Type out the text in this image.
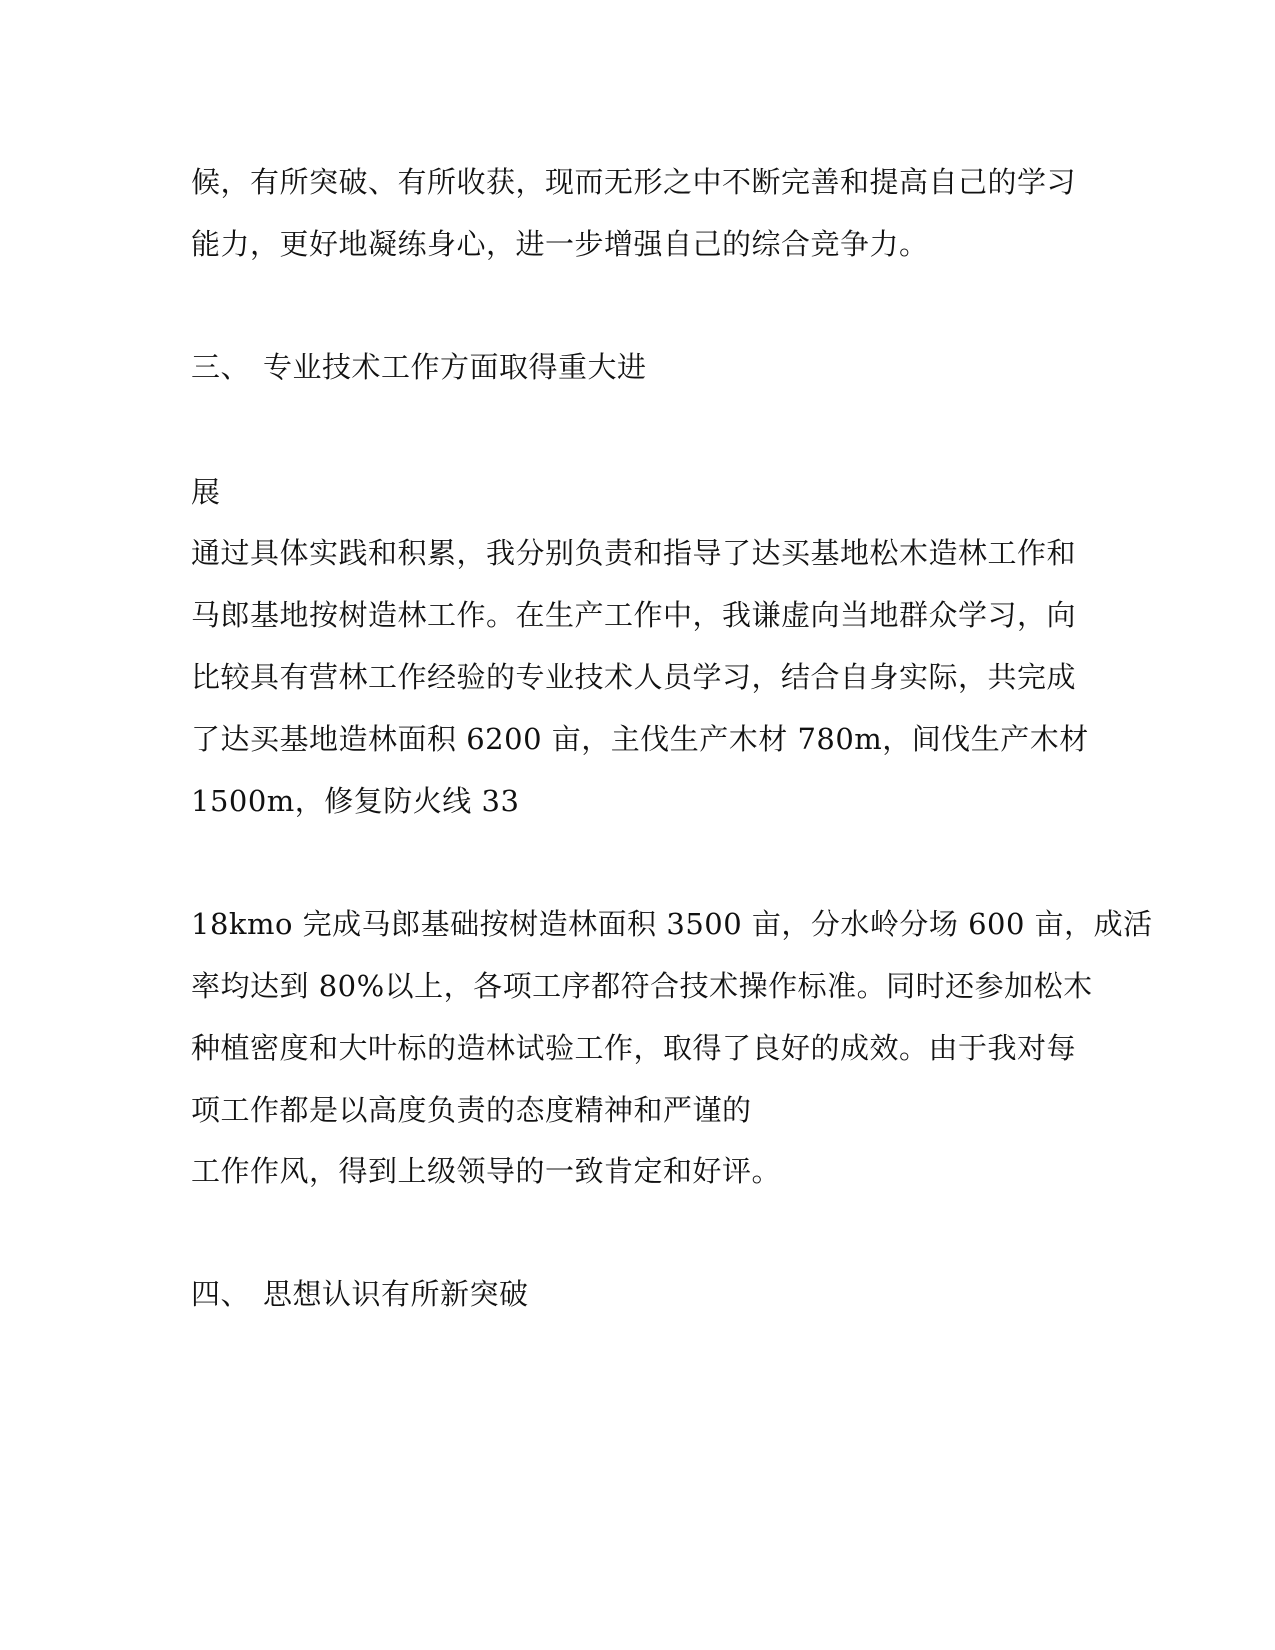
候，有所突破、有所收获，现而无形之中不断完善和提高自己的学习
能力，更好地凝练身心，进一步增强自己的综合竞争力。
三、 专业技术工作方面取得重大进
展
通过具体实践和积累，我分别负责和指导了达买基地松木造林工作和
马郎基地按树造林工作。在生产工作中，我谦虚向当地群众学习，向
比较具有营林工作经验的专业技术人员学习，结合自身实际，共完成
了达买基地造林面积 6200 亩，主伐生产木材 780m，间伐生产木材
1500m，修复防火线 33
18kmo 完成马郎基础按树造林面积 3500 亩，分水岭分场 600 亩，成活
率均达到 80%以上，各项工序都符合技术操作标准。同时还参加松木
种植密度和大叶标的造林试验工作，取得了良好的成效。由于我对每
项工作都是以高度负责的态度精神和严谨的
工作作风，得到上级领导的一致肯定和好评。
四、 思想认识有所新突破
